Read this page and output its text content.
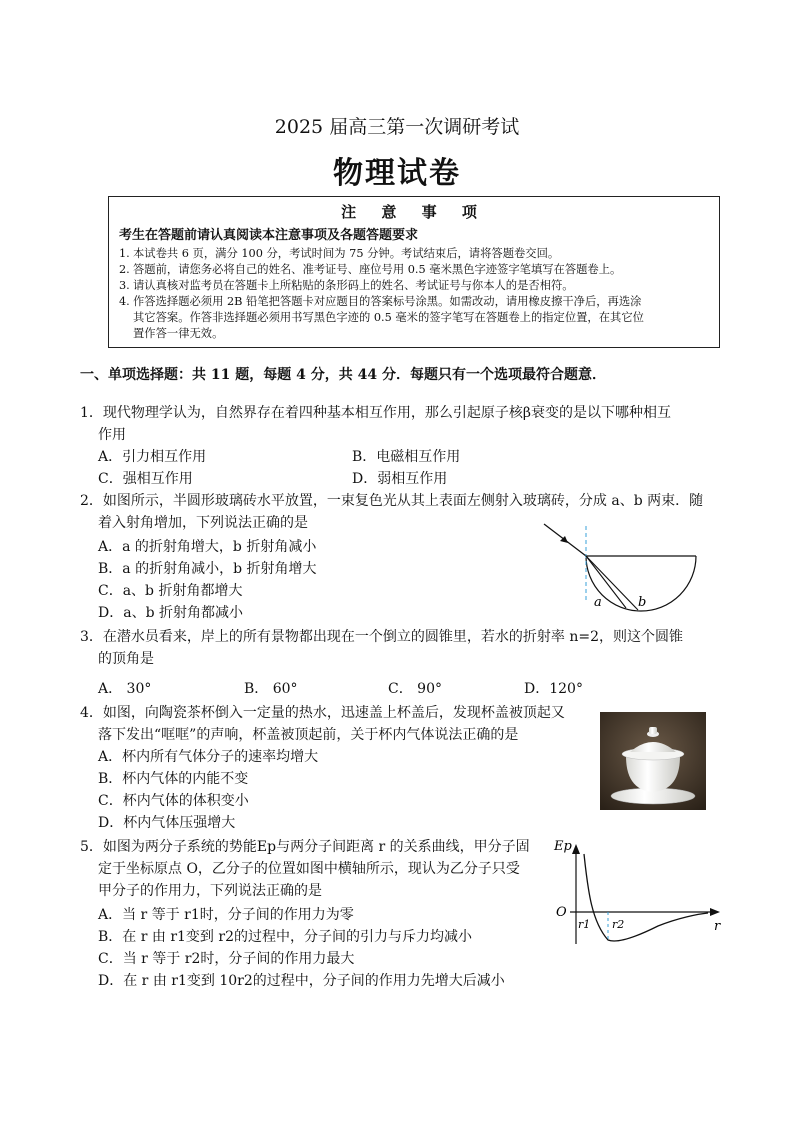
2025 届高三第一次调研考试
物理试卷
注 意 事 项
考生在答题前请认真阅读本注意事项及各题答题要求
1. 本试卷共 6 页，满分 100 分，考试时间为 75 分钟。考试结束后，请将答题卷交回。
2. 答题前，请您务必将自己的姓名、准考证号、座位号用 0.5 毫米黑色字迹签字笔填写在答题卷上。
3. 请认真核对监考员在答题卡上所粘贴的条形码上的姓名、考试证号与你本人的是否相符。
4. 作答选择题必须用 2B 铅笔把答题卡对应题目的答案标号涂黑。如需改动，请用橡皮擦干净后，再选涂
其它答案。作答非选择题必须用书写黑色字迹的 0.5 毫米的签字笔写在答题卷上的指定位置，在其它位
置作答一律无效。
一、单项选择题：共 11 题，每题 4 分，共 44 分．每题只有一个选项最符合题意．
1．现代物理学认为，自然界存在着四种基本相互作用，那么引起原子核β衰变的是以下哪种相互
作用
A．引力相互作用	B．电磁相互作用
C．强相互作用	D．弱相互作用
2．如图所示，半圆形玻璃砖水平放置，一束复色光从其上表面左侧射入玻璃砖，分成 a、b 两束．随
着入射角增加，下列说法正确的是
A．a 的折射角增大，b 折射角减小
B．a 的折射角减小，b 折射角增大
C．a、b 折射角都增大
D．a、b 折射角都减小
a	b
3．在潜水员看来，岸上的所有景物都出现在一个倒立的圆锥里，若水的折射率 n=2，则这个圆锥
的顶角是
A． 30°	B． 60°	C． 90°	D．120°
4．如图，向陶瓷茶杯倒入一定量的热水，迅速盖上杯盖后，发现杯盖被顶起又
落下发出“哐哐”的声响，杯盖被顶起前，关于杯内气体说法正确的是
A．杯内所有气体分子的速率均增大
B．杯内气体的内能不变
C．杯内气体的体积变小
D．杯内气体压强增大
5．如图为两分子系统的势能Ep与两分子间距离 r 的关系曲线，甲分子固
定于坐标原点 O，乙分子的位置如图中横轴所示，现认为乙分子只受
甲分子的作用力，下列说法正确的是
A．当 r 等于 r1时，分子间的作用力为零
B．在 r 由 r1变到 r2的过程中，分子间的引力与斥力均减小
C．当 r 等于 r2时，分子间的作用力最大
D．在 r 由 r1变到 10r2的过程中，分子间的作用力先增大后减小
Ep
r
O
r1 r2
